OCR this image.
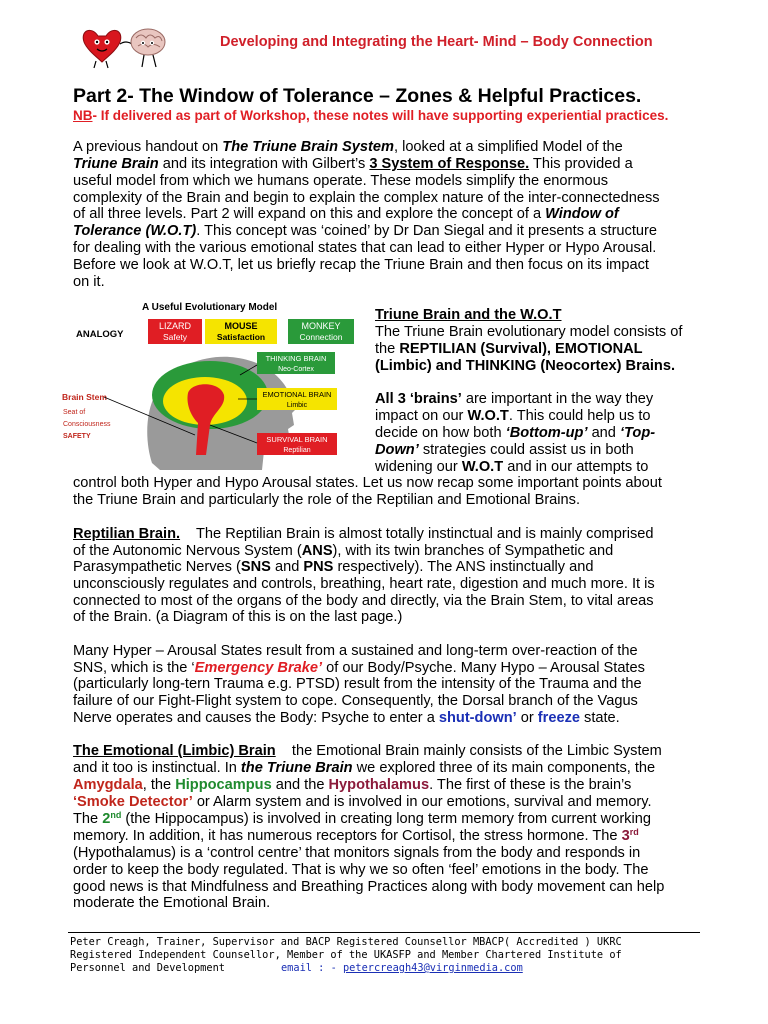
Developing and Integrating the Heart- Mind – Body Connection
Part 2- The Window of Tolerance – Zones & Helpful Practices.
NB- If delivered as part of Workshop, these notes will have supporting experiential practices.
A previous handout on The Triune Brain System, looked at a simplified Model of the
Triune Brain and its integration with Gilbert’s 3 System of Response. This provided a
useful model from which we humans operate. These models simplify the enormous
complexity of the Brain and begin to explain the complex nature of the inter-connectedness
of all three levels. Part 2 will expand on this and explore the concept of a Window of
Tolerance (W.O.T). This concept was ‘coined’ by Dr Dan Siegal and it presents a structure
for dealing with the various emotional states that can lead to either Hyper or Hypo Arousal.
Before we look at W.O.T, let us briefly recap the Triune Brain and then focus on its impact
on it.
A Useful Evolutionary Model
ANALOGY
LIZARD
Safety
MOUSE
Satisfaction
MONKEY
Connection
THINKING BRAIN
Neo-Cortex
EMOTIONAL BRAIN
Limbic
SURVIVAL BRAIN
Reptilian
Brain Stem
Seat of
Consciousness
SAFETY
Triune Brain and the W.O.T
The Triune Brain evolutionary model consists of
the REPTILIAN (Survival), EMOTIONAL
(Limbic) and THINKING (Neocortex) Brains.
All 3 ‘brains’ are important in the way they
impact on our W.O.T. This could help us to
decide on how both ‘Bottom-up’ and ‘Top-
Down’ strategies could assist us in both
widening our W.O.T and in our attempts to
control both Hyper and Hypo Arousal states. Let us now recap some important points about
the Triune Brain and particularly the role of the Reptilian and Emotional Brains.
Reptilian Brain.    The Reptilian Brain is almost totally instinctual and is mainly comprised
of the Autonomic Nervous System (ANS), with its twin branches of Sympathetic and
Parasympathetic Nerves (SNS and PNS respectively). The ANS instinctually and
unconsciously regulates and controls, breathing, heart rate, digestion and much more. It is
connected to most of the organs of the body and directly, via the Brain Stem, to vital areas
of the Brain. (a Diagram of this is on the last page.)
Many Hyper – Arousal States result from a sustained and long-term over-reaction of the
SNS, which is the ‘Emergency Brake’ of our Body/Psyche. Many Hypo – Arousal States
(particularly long-tern Trauma e.g. PTSD) result from the intensity of the Trauma and the
failure of our Fight-Flight system to cope. Consequently, the Dorsal branch of the Vagus
Nerve operates and causes the Body: Psyche to enter a shut-down’ or freeze state.
The Emotional (Limbic) Brain    the Emotional Brain mainly consists of the Limbic System
and it too is instinctual. In the Triune Brain we explored three of its main components, the
Amygdala, the Hippocampus and the Hypothalamus. The first of these is the brain’s
‘Smoke Detector’ or Alarm system and is involved in our emotions, survival and memory.
The 2nd (the Hippocampus) is involved in creating long term memory from current working
memory. In addition, it has numerous receptors for Cortisol, the stress hormone. The 3rd
(Hypothalamus) is a ‘control centre’ that monitors signals from the body and responds in
order to keep the body regulated. That is why we so often ‘feel’ emotions in the body. The
good news is that Mindfulness and Breathing Practices along with body movement can help
moderate the Emotional Brain.
Peter Creagh, Trainer, Supervisor and BACP Registered Counsellor MBACP( Accredited ) UKRC
Registered Independent Counsellor, Member of the UKASFP and Member Chartered Institute of
Personnel and Development	email : - petercreagh43@virginmedia.com
